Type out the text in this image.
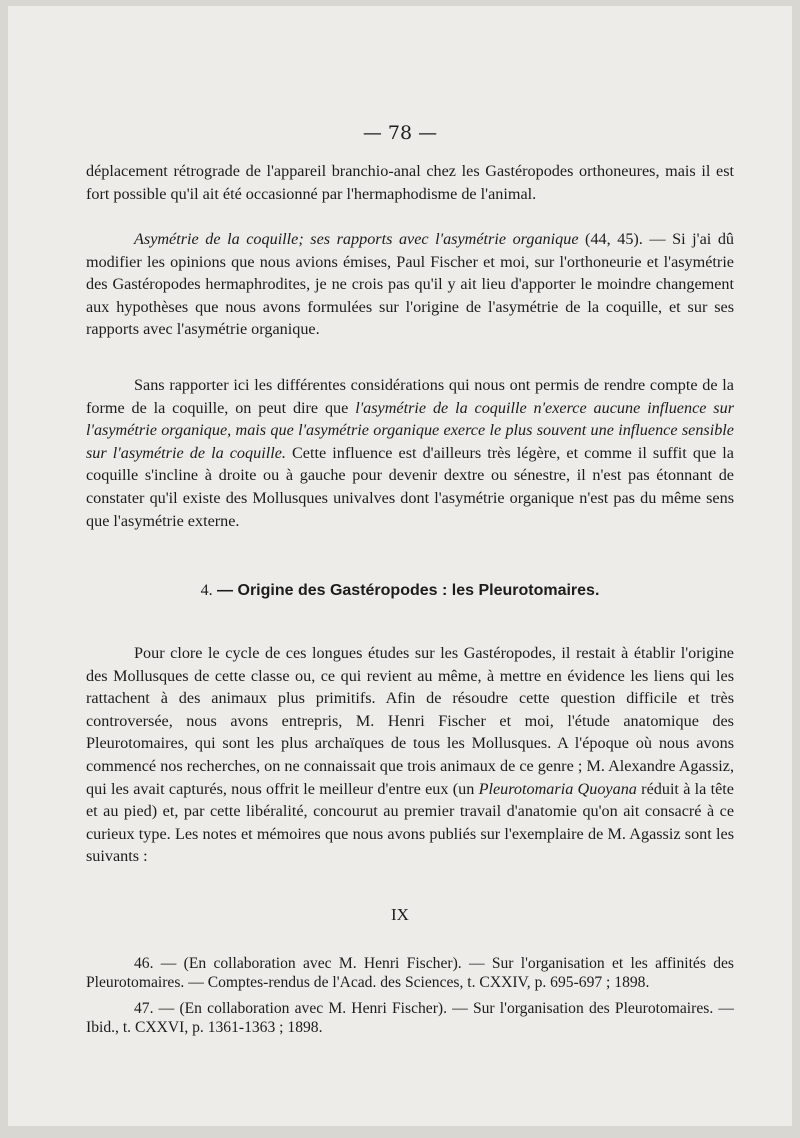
— 78 —

déplacement rétrograde de l'appareil branchio-anal chez les Gastéropodes orthoneures, mais il est fort possible qu'il ait été occasionné par l'hermaphodisme de l'animal.

Asymétrie de la coquille; ses rapports avec l'asymétrie organique (44, 45). — Si j'ai dû modifier les opinions que nous avions émises, Paul Fischer et moi, sur l'orthoneurie et l'asymétrie des Gastéropodes hermaphrodites, je ne crois pas qu'il y ait lieu d'apporter le moindre changement aux hypothèses que nous avons formulées sur l'origine de l'asymétrie de la coquille, et sur ses rapports avec l'asymétrie organique.

Sans rapporter ici les différentes considérations qui nous ont permis de rendre compte de la forme de la coquille, on peut dire que l'asymétrie de la coquille n'exerce aucune influence sur l'asymétrie organique, mais que l'asymétrie organique exerce le plus souvent une influence sensible sur l'asymétrie de la coquille. Cette influence est d'ailleurs très légère, et comme il suffit que la coquille s'incline à droite ou à gauche pour devenir dextre ou sénestre, il n'est pas étonnant de constater qu'il existe des Mollusques univalves dont l'asymétrie organique n'est pas du même sens que l'asymétrie externe.

4. — Origine des Gastéropodes : les Pleurotomaires.

Pour clore le cycle de ces longues études sur les Gastéropodes, il restait à établir l'origine des Mollusques de cette classe ou, ce qui revient au même, à mettre en évidence les liens qui les rattachent à des animaux plus primitifs. Afin de résoudre cette question difficile et très controversée, nous avons entrepris, M. Henri Fischer et moi, l'étude anatomique des Pleurotomaires, qui sont les plus archaïques de tous les Mollusques. A l'époque où nous avons commencé nos recherches, on ne connaissait que trois animaux de ce genre ; M. Alexandre Agassiz, qui les avait capturés, nous offrit le meilleur d'entre eux (un Pleurotomaria Quoyana réduit à la tête et au pied) et, par cette libéralité, concourut au premier travail d'anatomie qu'on ait consacré à ce curieux type. Les notes et mémoires que nous avons publiés sur l'exemplaire de M. Agassiz sont les suivants :

IX

46. — (En collaboration avec M. Henri Fischer). — Sur l'organisation et les affinités des Pleurotomaires. — Comptes-rendus de l'Acad. des Sciences, t. CXXIV, p. 695-697 ; 1898.

47. — (En collaboration avec M. Henri Fischer). — Sur l'organisation des Pleurotomaires. — Ibid., t. CXXVI, p. 1361-1363 ; 1898.
